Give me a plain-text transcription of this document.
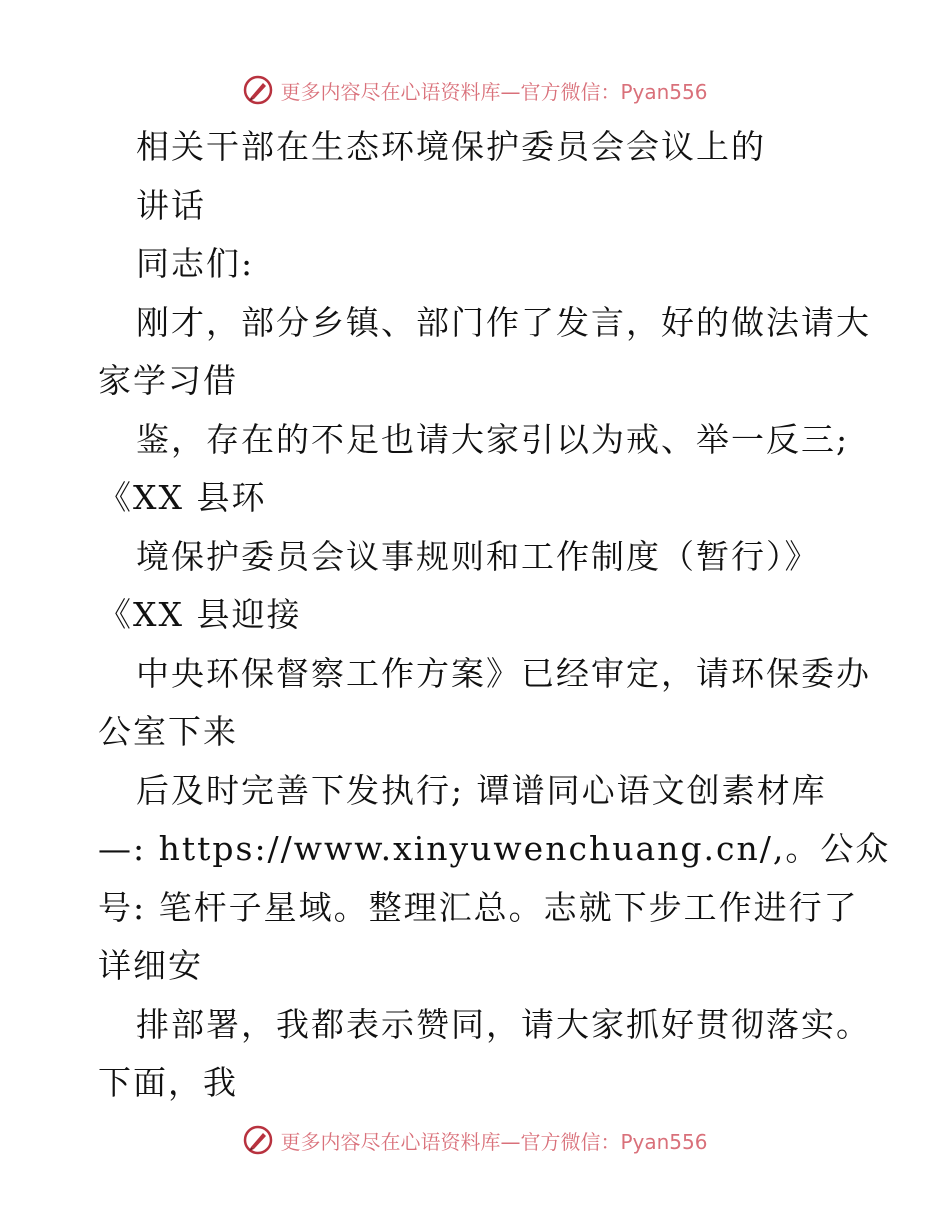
更多内容尽在心语资料库—官方微信：Pyan556
相关干部在生态环境保护委员会会议上的
讲话
同志们:
刚才，部分乡镇、部门作了发言，好的做法请大
家学习借
鉴，存在的不足也请大家引以为戒、举一反三;
《XX 县环
境保护委员会议事规则和工作制度（暂行）》
《XX 县迎接
中央环保督察工作方案》已经审定，请环保委办
公室下来
后及时完善下发执行; 谭谱同心语文创素材库
—: https://www.xinyuwenchuang.cn/,。公众
号: 笔杆子星域。整理汇总。志就下步工作进行了
详细安
排部署，我都表示赞同，请大家抓好贯彻落实。
下面，我
更多内容尽在心语资料库—官方微信：Pyan556
